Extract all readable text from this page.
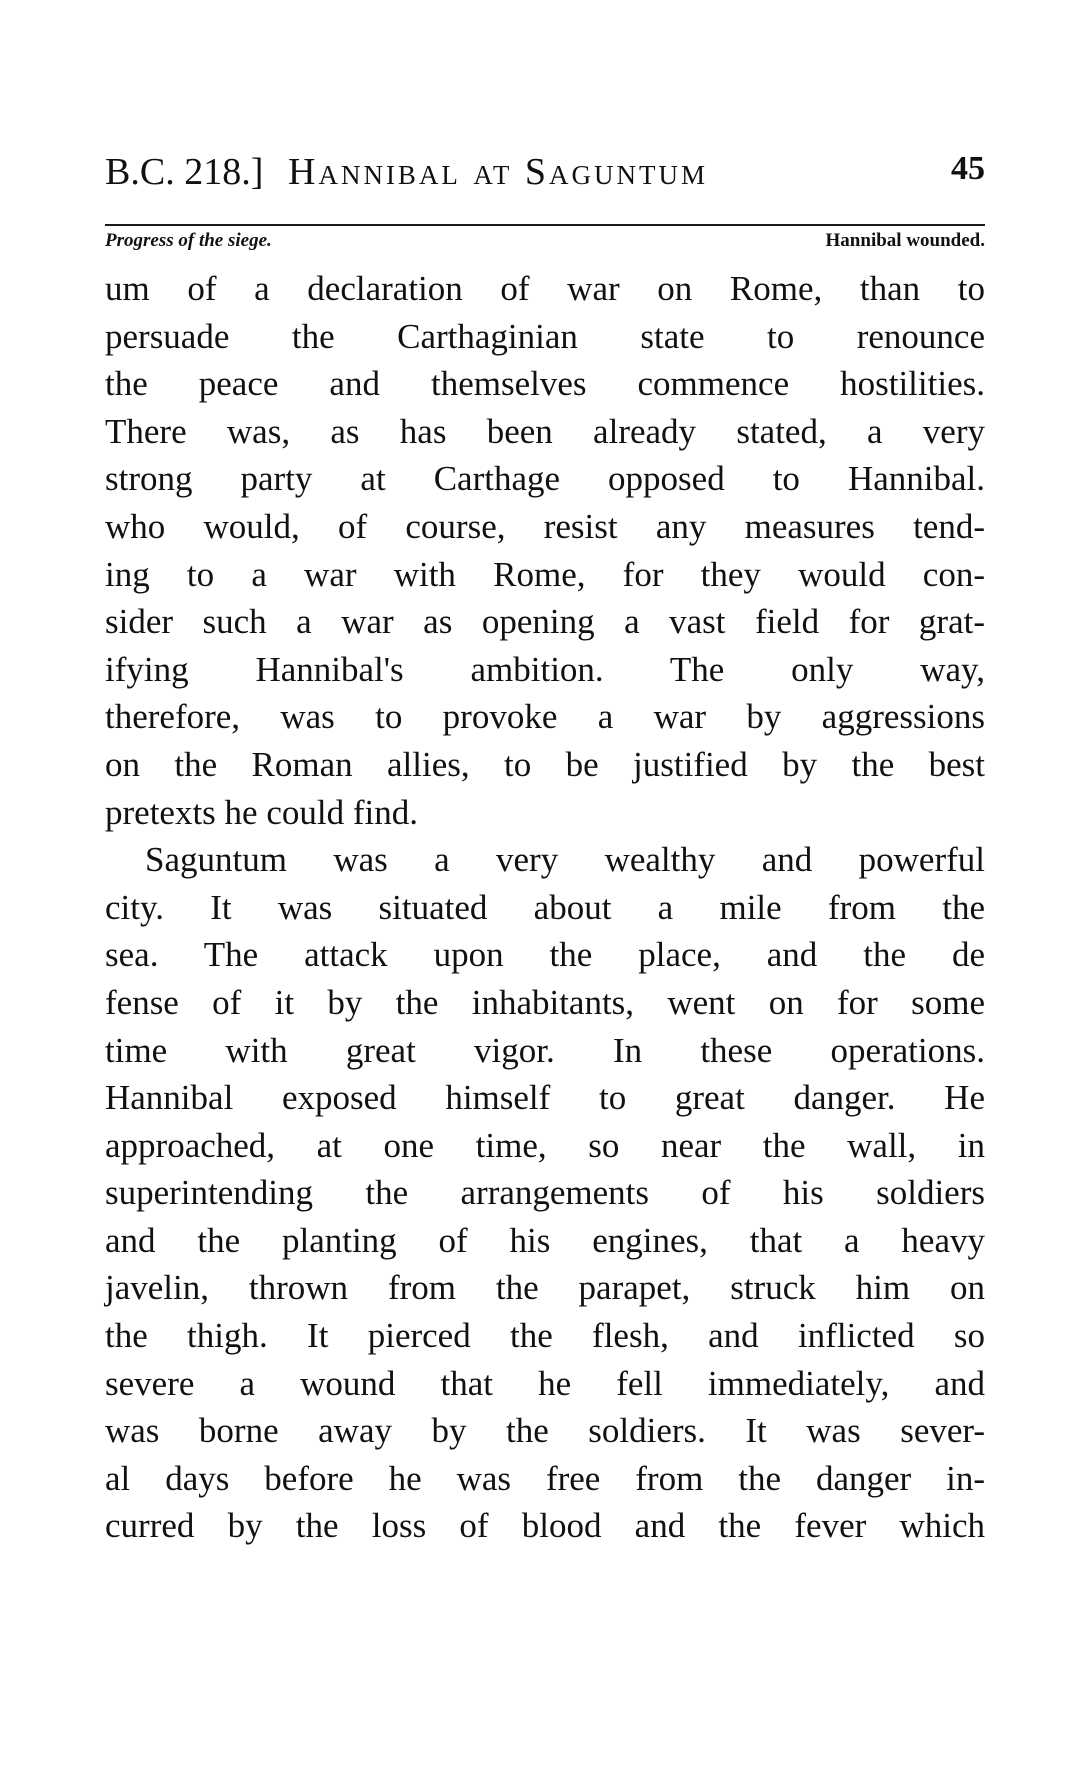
B.C. 218.] Hannibal at Saguntum	45
Progress of the siege.	Hannibal wounded.
um of a declaration of war on Rome, than to
persuade the Carthaginian state to renounce
the peace and themselves commence hostilities.
There was, as has been already stated, a very
strong party at Carthage opposed to Hannibal.
who would, of course, resist any measures tend-
ing to a war with Rome, for they would con-
sider such a war as opening a vast field for grat-
ifying Hannibal's ambition. The only way,
therefore, was to provoke a war by aggressions
on the Roman allies, to be justified by the best
pretexts he could find.
Saguntum was a very wealthy and powerful
city. It was situated about a mile from the
sea. The attack upon the place, and the de
fense of it by the inhabitants, went on for some
time with great vigor. In these operations.
Hannibal exposed himself to great danger. He
approached, at one time, so near the wall, in
superintending the arrangements of his soldiers
and the planting of his engines, that a heavy
javelin, thrown from the parapet, struck him on
the thigh. It pierced the flesh, and inflicted so
severe a wound that he fell immediately, and
was borne away by the soldiers. It was sever-
al days before he was free from the danger in-
curred by the loss of blood and the fever which
